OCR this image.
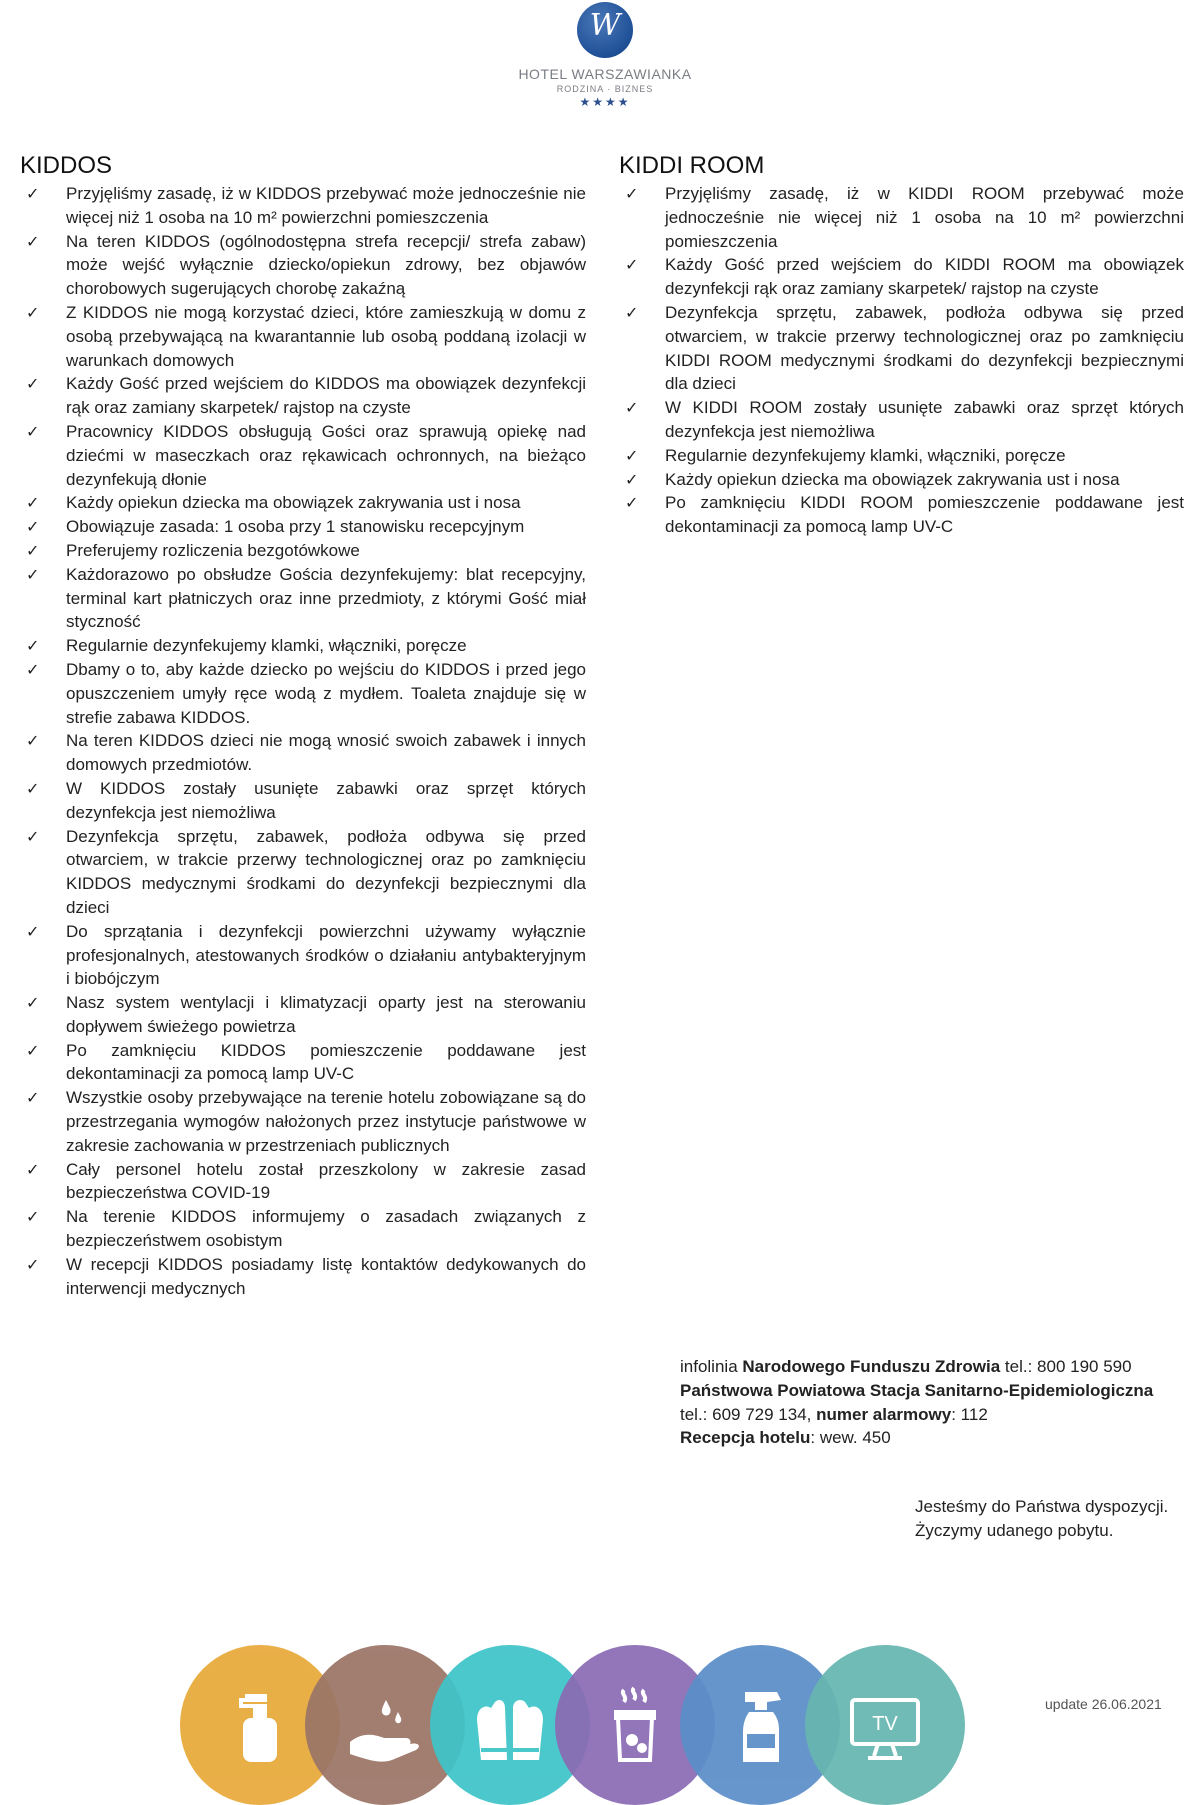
W
HOTEL WARSZAWIANKA
RODZINA · BIZNES
★★★★
KIDDOS
✓ Przyjęliśmy zasadę, iż w KIDDOS przebywać może jednocześnie nie więcej niż 1 osoba na 10 m² powierzchni pomieszczenia
✓ Na teren KIDDOS (ogólnodostępna strefa recepcji/ strefa zabaw) może wejść wyłącznie dziecko/opiekun zdrowy, bez objawów chorobowych sugerujących chorobę zakaźną
✓ Z KIDDOS nie mogą korzystać dzieci, które zamieszkują w domu z osobą przebywającą na kwarantannie lub osobą poddaną izolacji w warunkach domowych
✓ Każdy Gość przed wejściem do KIDDOS ma obowiązek dezynfekcji rąk oraz zamiany skarpetek/ rajstop na czyste
✓ Pracownicy KIDDOS obsługują Gości oraz sprawują opiekę nad dziećmi w maseczkach oraz rękawicach ochronnych, na bieżąco dezynfekują dłonie
✓ Każdy opiekun dziecka ma obowiązek zakrywania ust i nosa
✓ Obowiązuje zasada: 1 osoba przy 1 stanowisku recepcyjnym
✓ Preferujemy rozliczenia bezgotówkowe
✓ Każdorazowo po obsłudze Gościa dezynfekujemy: blat recepcyjny, terminal kart płatniczych oraz inne przedmioty, z którymi Gość miał styczność
✓ Regularnie dezynfekujemy klamki, włączniki, poręcze
✓ Dbamy o to, aby każde dziecko po wejściu do KIDDOS i przed jego opuszczeniem umyły ręce wodą z mydłem. Toaleta znajduje się w strefie zabawa KIDDOS.
✓ Na teren KIDDOS dzieci nie mogą wnosić swoich zabawek i innych domowych przedmiotów.
✓ W KIDDOS zostały usunięte zabawki oraz sprzęt których dezynfekcja jest niemożliwa
✓ Dezynfekcja sprzętu, zabawek, podłoża odbywa się przed otwarciem, w trakcie przerwy technologicznej oraz po zamknięciu KIDDOS medycznymi środkami do dezynfekcji bezpiecznymi dla dzieci
✓ Do sprzątania i dezynfekcji powierzchni używamy wyłącznie profesjonalnych, atestowanych środków o działaniu antybakteryjnym i biobójczym
✓ Nasz system wentylacji i klimatyzacji oparty jest na sterowaniu dopływem świeżego powietrza
✓ Po zamknięciu KIDDOS pomieszczenie poddawane jest dekontaminacji za pomocą lamp UV-C
✓ Wszystkie osoby przebywające na terenie hotelu zobowiązane są do przestrzegania wymogów nałożonych przez instytucje państwowe w zakresie zachowania w przestrzeniach publicznych
✓ Cały personel hotelu został przeszkolony w zakresie zasad bezpieczeństwa COVID-19
✓ Na terenie KIDDOS informujemy o zasadach związanych z bezpieczeństwem osobistym
✓ W recepcji KIDDOS posiadamy listę kontaktów dedykowanych do interwencji medycznych
KIDDI ROOM
✓ Przyjęliśmy zasadę, iż w KIDDI ROOM przebywać może jednocześnie nie więcej niż 1 osoba na 10 m² powierzchni pomieszczenia
✓ Każdy Gość przed wejściem do KIDDI ROOM ma obowiązek dezynfekcji rąk oraz zamiany skarpetek/ rajstop na czyste
✓ Dezynfekcja sprzętu, zabawek, podłoża odbywa się przed otwarciem, w trakcie przerwy technologicznej oraz po zamknięciu KIDDI ROOM medycznymi środkami do dezynfekcji bezpiecznymi dla dzieci
✓ W KIDDI ROOM zostały usunięte zabawki oraz sprzęt których dezynfekcja jest niemożliwa
✓ Regularnie dezynfekujemy klamki, włączniki, poręcze
✓ Każdy opiekun dziecka ma obowiązek zakrywania ust i nosa
✓ Po zamknięciu KIDDI ROOM pomieszczenie poddawane jest dekontaminacji za pomocą lamp UV-C
infolinia Narodowego Funduszu Zdrowia tel.: 800 190 590
Państwowa Powiatowa Stacja Sanitarno-Epidemiologiczna
tel.: 609 729 134, numer alarmowy: 112
Recepcja hotelu: wew. 450
Jesteśmy do Państwa dyspozycji.
Życzymy udanego pobytu.
TV
update 26.06.2021
